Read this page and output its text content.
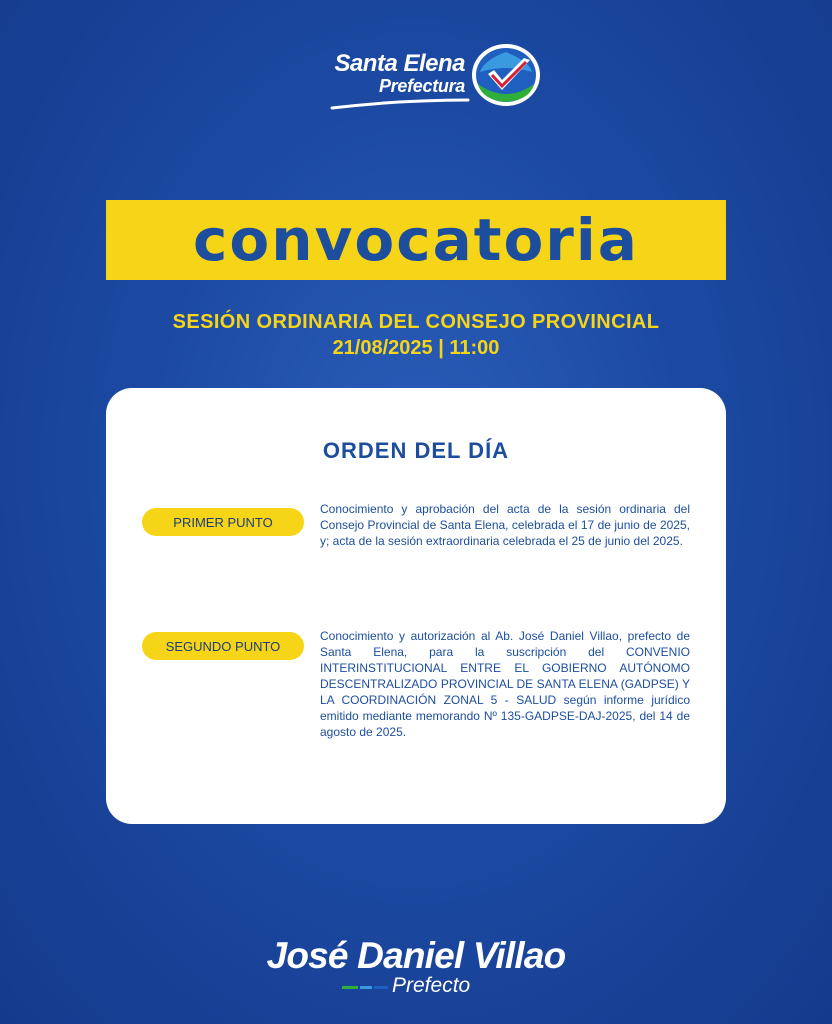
Santa Elena
Prefectura
convocatoria
SESIÓN ORDINARIA DEL CONSEJO PROVINCIAL
21/08/2025 | 11:00
ORDEN DEL DÍA
PRIMER PUNTO
Conocimiento y aprobación del acta de la sesión ordinaria del Consejo Provincial de Santa Elena, celebrada el 17 de junio de 2025, y; acta de la sesión extraordinaria celebrada el 25 de junio del 2025.
SEGUNDO PUNTO
Conocimiento y autorización al Ab. José Daniel Villao, prefecto de Santa Elena, para la suscripción del CONVENIO INTERINSTITUCIONAL ENTRE EL GOBIERNO AUTÓNOMO DESCENTRALIZADO PROVINCIAL DE SANTA ELENA (GADPSE) Y LA COORDINACIÓN ZONAL 5 - SALUD según informe jurídico emitido mediante memorando Nº 135-GADPSE-DAJ-2025, del 14 de agosto de 2025.
José Daniel Villao
Prefecto
